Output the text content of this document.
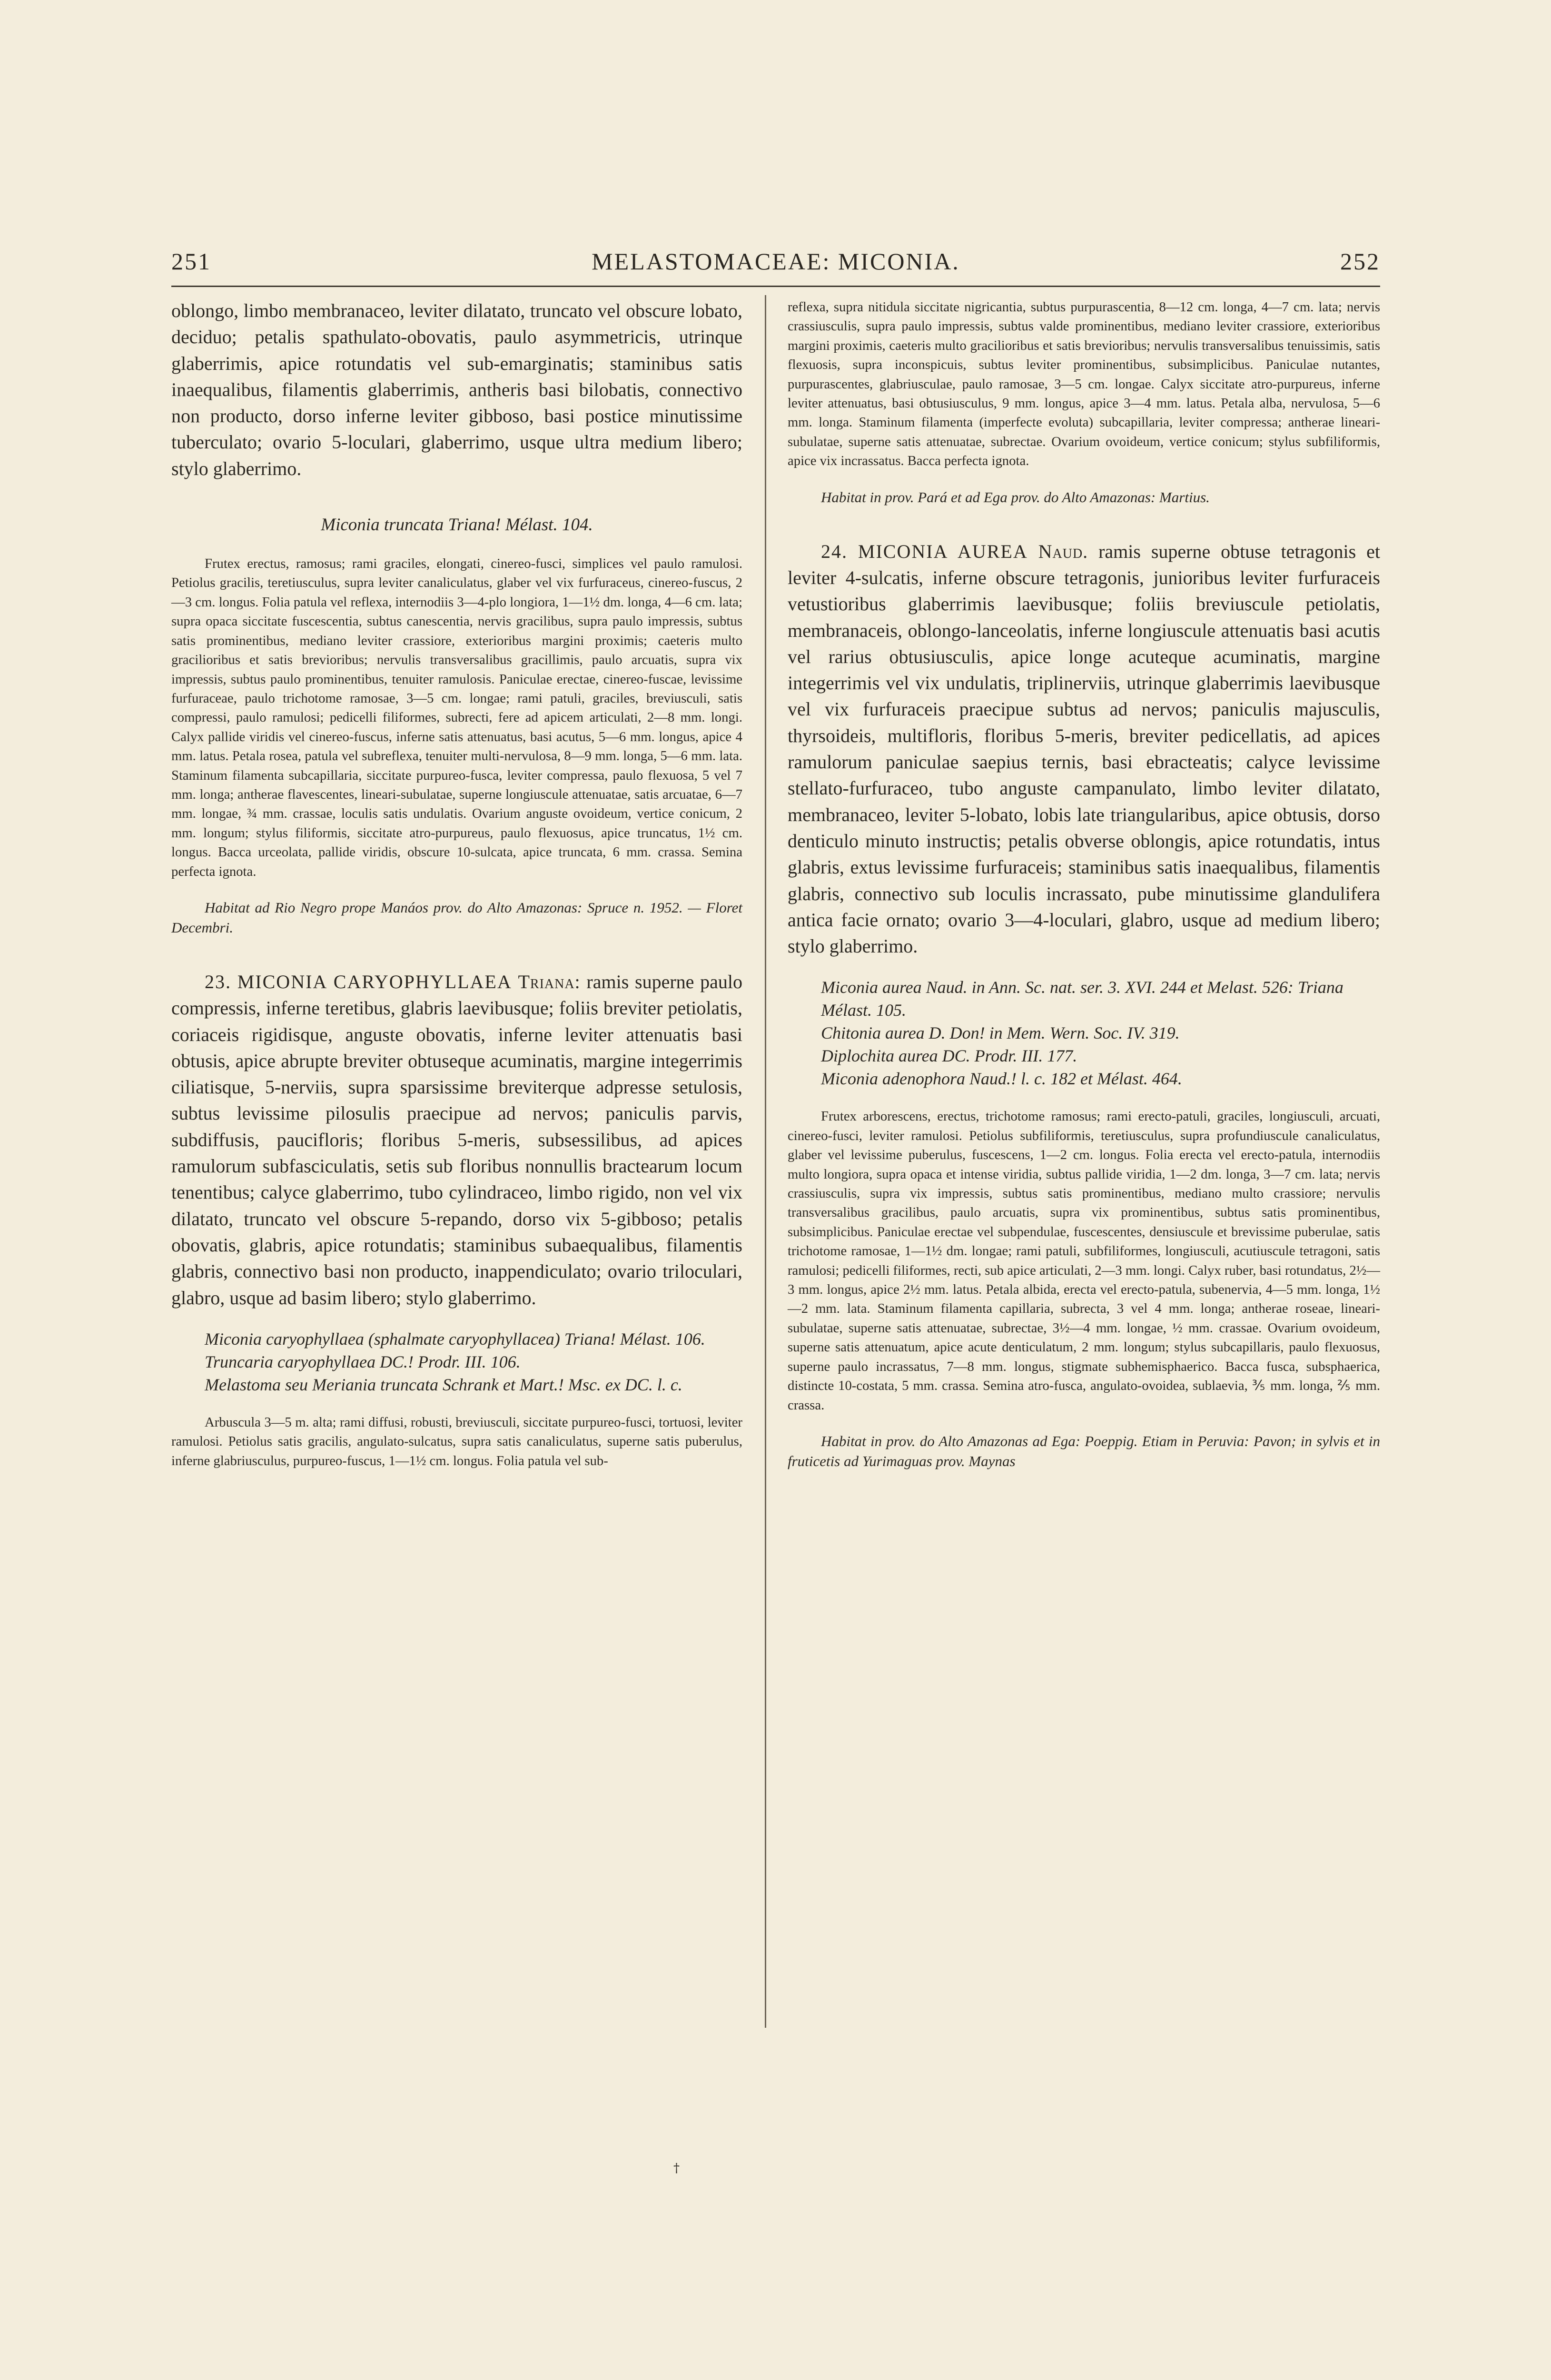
251	MELASTOMACEAE: MICONIA.	252

oblongo, limbo membranaceo, leviter dilatato, truncato vel obscure lobato, deciduo; petalis spathulato-obovatis, paulo asymmetricis, utrinque glaberrimis, apice rotundatis vel sub-emarginatis; staminibus satis inaequalibus, filamentis glaberrimis, antheris basi bilobatis, connectivo non producto, dorso inferne leviter gibboso, basi postice minutissime tuberculato; ovario 5-loculari, glaberrimo, usque ultra medium libero; stylo glaberrimo.

Miconia truncata Triana! Mélast. 104.

Frutex erectus, ramosus; rami graciles, elongati, cinereo-fusci, simplices vel paulo ramulosi. Petiolus gracilis, teretiusculus, supra leviter canaliculatus, glaber vel vix furfuraceus, cinereo-fuscus, 2—3 cm. longus. Folia patula vel reflexa, internodiis 3—4-plo longiora, 1—1½ dm. longa, 4—6 cm. lata; supra opaca siccitate fuscescentia, subtus canescentia, nervis gracilibus, supra paulo impressis, subtus satis prominentibus, mediano leviter crassiore, exterioribus margini proximis; caeteris multo gracilioribus et satis brevioribus; nervulis transversalibus gracillimis, paulo arcuatis, supra vix impressis, subtus paulo prominentibus, tenuiter ramulosis. Paniculae erectae, cinereo-fuscae, levissime furfuraceae, paulo trichotome ramosae, 3—5 cm. longae; rami patuli, graciles, breviusculi, satis compressi, paulo ramulosi; pedicelli filiformes, subrecti, fere ad apicem articulati, 2—8 mm. longi. Calyx pallide viridis vel cinereo-fuscus, inferne satis attenuatus, basi acutus, 5—6 mm. longus, apice 4 mm. latus. Petala rosea, patula vel subreflexa, tenuiter multi-nervulosa, 8—9 mm. longa, 5—6 mm. lata. Staminum filamenta subcapillaria, siccitate purpureo-fusca, leviter compressa, paulo flexuosa, 5 vel 7 mm. longa; antherae flavescentes, lineari-subulatae, superne longiuscule attenuatae, satis arcuatae, 6—7 mm. longae, ¾ mm. crassae, loculis satis undulatis. Ovarium anguste ovoideum, vertice conicum, 2 mm. longum; stylus filiformis, siccitate atro-purpureus, paulo flexuosus, apice truncatus, 1½ cm. longus. Bacca urceolata, pallide viridis, obscure 10-sulcata, apice truncata, 6 mm. crassa. Semina perfecta ignota.

Habitat ad Rio Negro prope Manáos prov. do Alto Amazonas: Spruce n. 1952. — Floret Decembri.

23. MICONIA CARYOPHYLLAEA Triana: ramis superne paulo compressis, inferne teretibus, glabris laevibusque; foliis breviter petiolatis, coriaceis rigidisque, anguste obovatis, inferne leviter attenuatis basi obtusis, apice abrupte breviter obtuseque acuminatis, margine integerrimis ciliatisque, 5-nerviis, supra sparsissime breviterque adpresse setulosis, subtus levissime pilosulis praecipue ad nervos; paniculis parvis, subdiffusis, paucifloris; floribus 5-meris, subsessilibus, ad apices ramulorum subfasciculatis, setis sub floribus nonnullis bractearum locum tenentibus; calyce glaberrimo, tubo cylindraceo, limbo rigido, non vel vix dilatato, truncato vel obscure 5-repando, dorso vix 5-gibboso; petalis obovatis, glabris, apice rotundatis; staminibus subaequalibus, filamentis glabris, connectivo basi non producto, inappendiculato; ovario triloculari, glabro, usque ad basim libero; stylo glaberrimo.

Miconia caryophyllaea (sphalmate caryophyllacea) Triana! Mélast. 106.
Truncaria caryophyllaea DC.! Prodr. III. 106.
Melastoma seu Meriania truncata Schrank et Mart.! Msc. ex DC. l. c.

Arbuscula 3—5 m. alta; rami diffusi, robusti, breviusculi, siccitate purpureo-fusci, tortuosi, leviter ramulosi. Petiolus satis gracilis, angulato-sulcatus, supra satis canaliculatus, superne satis puberulus, inferne glabriusculus, purpureo-fuscus, 1—1½ cm. longus. Folia patula vel sub-

reflexa, supra nitidula siccitate nigricantia, subtus purpurascentia, 8—12 cm. longa, 4—7 cm. lata; nervis crassiusculis, supra paulo impressis, subtus valde prominentibus, mediano leviter crassiore, exterioribus margini proximis, caeteris multo gracilioribus et satis brevioribus; nervulis transversalibus tenuissimis, satis flexuosis, supra inconspicuis, subtus leviter prominentibus, subsimplicibus. Paniculae nutantes, purpurascentes, glabriusculae, paulo ramosae, 3—5 cm. longae. Calyx siccitate atro-purpureus, inferne leviter attenuatus, basi obtusiusculus, 9 mm. longus, apice 3—4 mm. latus. Petala alba, nervulosa, 5—6 mm. longa. Staminum filamenta (imperfecte evoluta) subcapillaria, leviter compressa; antherae lineari-subulatae, superne satis attenuatae, subrectae. Ovarium ovoideum, vertice conicum; stylus subfiliformis, apice vix incrassatus. Bacca perfecta ignota.

Habitat in prov. Pará et ad Ega prov. do Alto Amazonas: Martius.

24. MICONIA AUREA Naud. ramis superne obtuse tetragonis et leviter 4-sulcatis, inferne obscure tetragonis, junioribus leviter furfuraceis vetustioribus glaberrimis laevibusque; foliis breviuscule petiolatis, membranaceis, oblongo-lanceolatis, inferne longiuscule attenuatis basi acutis vel rarius obtusiusculis, apice longe acuteque acuminatis, margine integerrimis vel vix undulatis, triplinerviis, utrinque glaberrimis laevibusque vel vix furfuraceis praecipue subtus ad nervos; paniculis majusculis, thyrsoideis, multifloris, floribus 5-meris, breviter pedicellatis, ad apices ramulorum paniculae saepius ternis, basi ebracteatis; calyce levissime stellato-furfuraceo, tubo anguste campanulato, limbo leviter dilatato, membranaceo, leviter 5-lobato, lobis late triangularibus, apice obtusis, dorso denticulo minuto instructis; petalis obverse oblongis, apice rotundatis, intus glabris, extus levissime furfuraceis; staminibus satis inaequalibus, filamentis glabris, connectivo sub loculis incrassato, pube minutissime glandulifera antica facie ornato; ovario 3—4-loculari, glabro, usque ad medium libero; stylo glaberrimo.

Miconia aurea Naud. in Ann. Sc. nat. ser. 3. XVI. 244 et Melast. 526: Triana Mélast. 105.
Chitonia aurea D. Don! in Mem. Wern. Soc. IV. 319.
Diplochita aurea DC. Prodr. III. 177.
Miconia adenophora Naud.! l. c. 182 et Mélast. 464.

Frutex arborescens, erectus, trichotome ramosus; rami erecto-patuli, graciles, longiusculi, arcuati, cinereo-fusci, leviter ramulosi. Petiolus subfiliformis, teretiusculus, supra profundiuscule canaliculatus, glaber vel levissime puberulus, fuscescens, 1—2 cm. longus. Folia erecta vel erecto-patula, internodiis multo longiora, supra opaca et intense viridia, subtus pallide viridia, 1—2 dm. longa, 3—7 cm. lata; nervis crassiusculis, supra vix impressis, subtus satis prominentibus, mediano multo crassiore; nervulis transversalibus gracilibus, paulo arcuatis, supra vix prominentibus, subtus satis prominentibus, subsimplicibus. Paniculae erectae vel subpendulae, fuscescentes, densiuscule et brevissime puberulae, satis trichotome ramosae, 1—1½ dm. longae; rami patuli, subfiliformes, longiusculi, acutiuscule tetragoni, satis ramulosi; pedicelli filiformes, recti, sub apice articulati, 2—3 mm. longi. Calyx ruber, basi rotundatus, 2½—3 mm. longus, apice 2½ mm. latus. Petala albida, erecta vel erecto-patula, subenervia, 4—5 mm. longa, 1½—2 mm. lata. Staminum filamenta capillaria, subrecta, 3 vel 4 mm. longa; antherae roseae, lineari-subulatae, superne satis attenuatae, subrectae, 3½—4 mm. longae, ½ mm. crassae. Ovarium ovoideum, superne satis attenuatum, apice acute denticulatum, 2 mm. longum; stylus subcapillaris, paulo flexuosus, superne paulo incrassatus, 7—8 mm. longus, stigmate subhemisphaerico. Bacca fusca, subsphaerica, distincte 10-costata, 5 mm. crassa. Semina atro-fusca, angulato-ovoidea, sublaevia, ⅗ mm. longa, ⅖ mm. crassa.

Habitat in prov. do Alto Amazonas ad Ega: Poeppig. Etiam in Peruvia: Pavon; in sylvis et in fruticetis ad Yurimaguas prov. Maynas

†
